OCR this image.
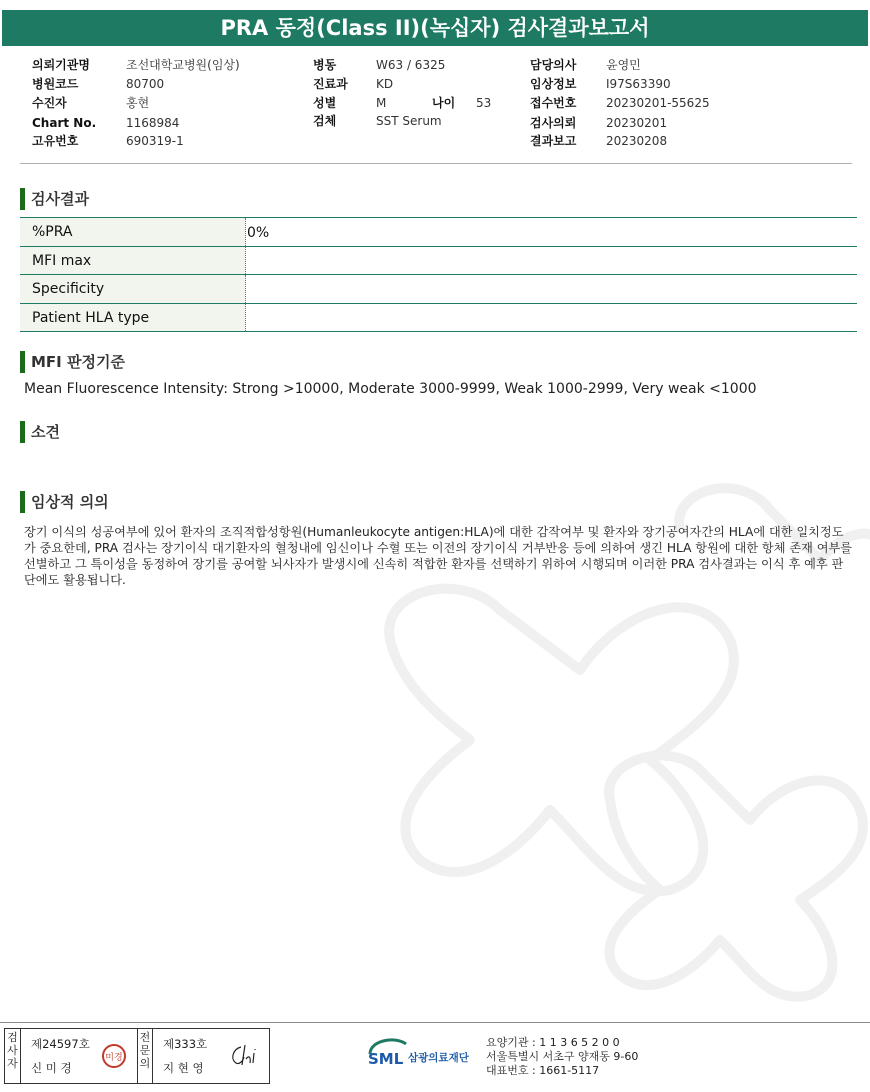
PRA 동정(Class II)(녹십자) 검사결과보고서
의뢰기관명	조선대학교병원(임상)
병원코드	80700
수진자	홍현
Chart No. 1168984
고유번호	690319-1
병동	W63 / 6325
진료과 KD
성별	M	나이 53
검체	SST Serum
담당의사 윤영민
임상정보 I97S63390
접수번호 20230201-55625
검사의뢰 20230201
결과보고 20230208
검사결과
%PRA	0%
MFI max
Specificity
Patient HLA type
MFI 판정기준
Mean Fluorescence Intensity: Strong >10000, Moderate 3000-9999, Weak 1000-2999, Very weak <1000
소견
임상적 의의
장기 이식의 성공여부에 있어 환자의 조직적합성항원(Humanleukocyte antigen:HLA)에 대한 감작여부 및 환자와 장기공여자간의 HLA에 대한 일치정도가 중요한데, PRA 검사는 장기이식 대기환자의 혈청내에 임신이나 수혈 또는 이전의 장기이식 거부반응 등에 의하여 생긴 HLA 항원에 대한 항체 존재 여부를 선별하고 그 특이성을 동정하여 장기를 공여할 뇌사자가 발생시에 신속히 적합한 환자를 선택하기 위하여 시행되며 이러한 PRA 검사결과는 이식 후 예후 판단에도 활용됩니다.
검
사
자
제24597호
신 미 경
미경
전
문
의
제333호
지 현 영	SML 삼광의료재단
요양기관 : 1 1 3 6 5 2 0 0
서울특별시 서초구 양재동 9-60
대표번호 : 1661-5117
